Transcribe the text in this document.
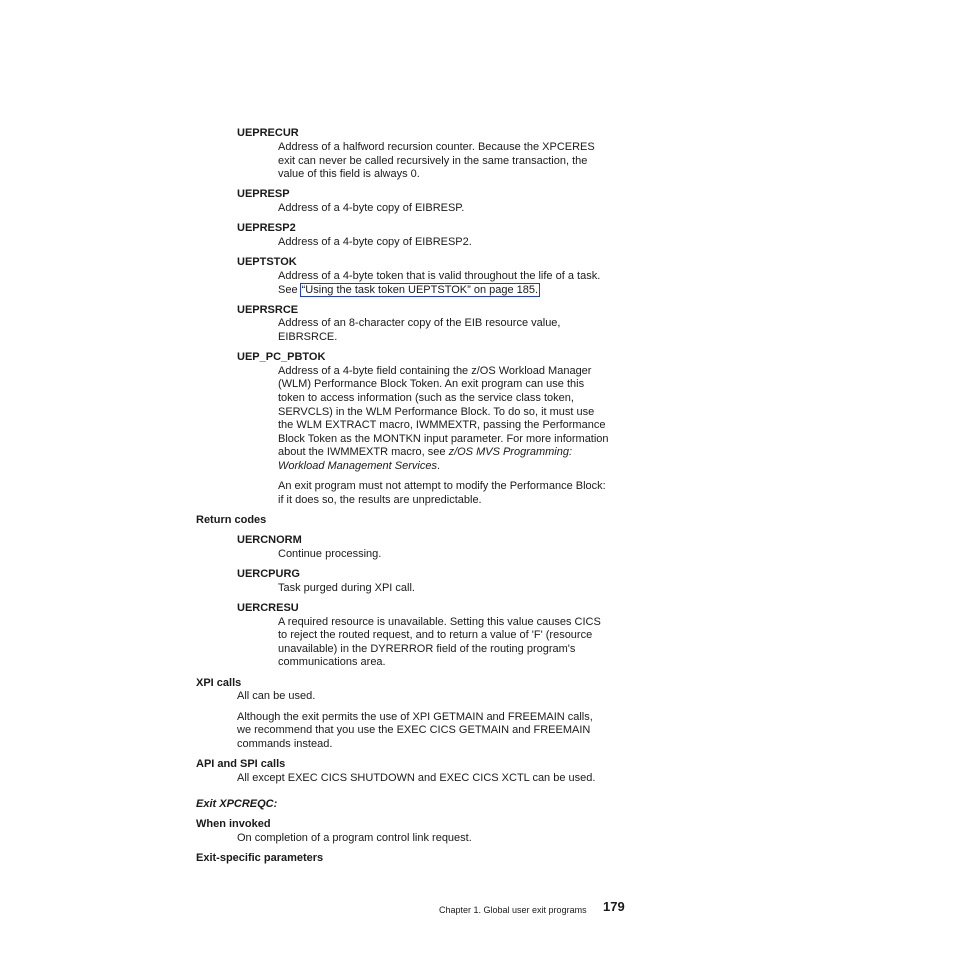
UEPRECUR
Address of a halfword recursion counter. Because the XPCERES
exit can never be called recursively in the same transaction, the
value of this field is always 0.
UEPRESP
Address of a 4-byte copy of EIBRESP.
UEPRESP2
Address of a 4-byte copy of EIBRESP2.
UEPTSTOK
Address of a 4-byte token that is valid throughout the life of a task.
See “Using the task token UEPTSTOK” on page 185.
UEPRSRCE
Address of an 8-character copy of the EIB resource value,
EIBRSRCE.
UEP_PC_PBTOK
Address of a 4-byte field containing the z/OS Workload Manager
(WLM) Performance Block Token. An exit program can use this
token to access information (such as the service class token,
SERVCLS) in the WLM Performance Block. To do so, it must use
the WLM EXTRACT macro, IWMMEXTR, passing the Performance
Block Token as the MONTKN input parameter. For more information
about the IWMMEXTR macro, see z/OS MVS Programming:
Workload Management Services.
An exit program must not attempt to modify the Performance Block:
if it does so, the results are unpredictable.
Return codes
UERCNORM
Continue processing.
UERCPURG
Task purged during XPI call.
UERCRESU
A required resource is unavailable. Setting this value causes CICS
to reject the routed request, and to return a value of 'F' (resource
unavailable) in the DYRERROR field of the routing program's
communications area.
XPI calls
All can be used.
Although the exit permits the use of XPI GETMAIN and FREEMAIN calls,
we recommend that you use the EXEC CICS GETMAIN and FREEMAIN
commands instead.
API and SPI calls
All except EXEC CICS SHUTDOWN and EXEC CICS XCTL can be used.
Exit XPCREQC:
When invoked
On completion of a program control link request.
Exit-specific parameters
Chapter 1. Global user exit programs 179
